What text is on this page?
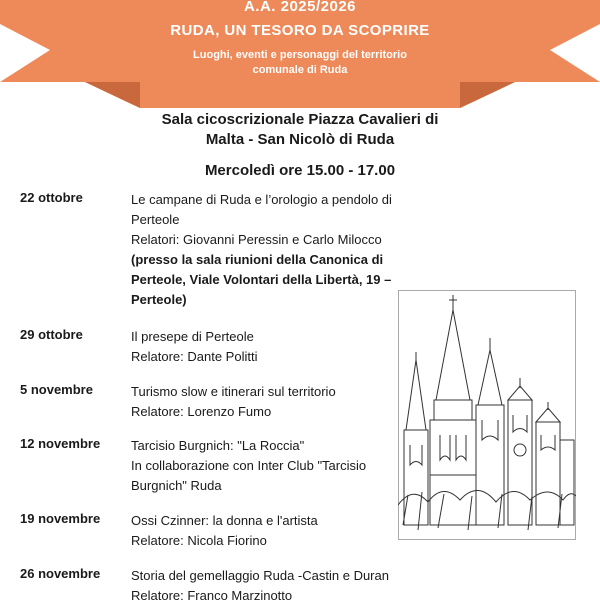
A.A. 2025/2026
RUDA, UN TESORO DA SCOPRIRE
Luoghi, eventi e personaggi del territorio
comunale di Ruda
Sala cicoscrizionale Piazza Cavalieri di
Malta - San Nicolò di Ruda
Mercoledì ore 15.00 - 17.00
22 ottobre	Le campane di Ruda e l’orologio a pendolo di
Perteole
Relatori: Giovanni Peressin e Carlo Milocco
(presso la sala riunioni della Canonica di
Perteole, Viale Volontari della Libertà, 19 –
Perteole)
29 ottobre	Il presepe di Perteole
Relatore: Dante Politti
5 novembre	Turismo slow e itinerari sul territorio
Relatore: Lorenzo Fumo
12 novembre	Tarcisio Burgnich: "La Roccia"
In collaborazione con Inter Club "Tarcisio
Burgnich" Ruda
19 novembre	Ossi Czinner: la donna e l'artista
Relatore: Nicola Fiorino
26 novembre	Storia del gemellaggio Ruda -Castin e Duran
Relatore: Franco Marzinotto
